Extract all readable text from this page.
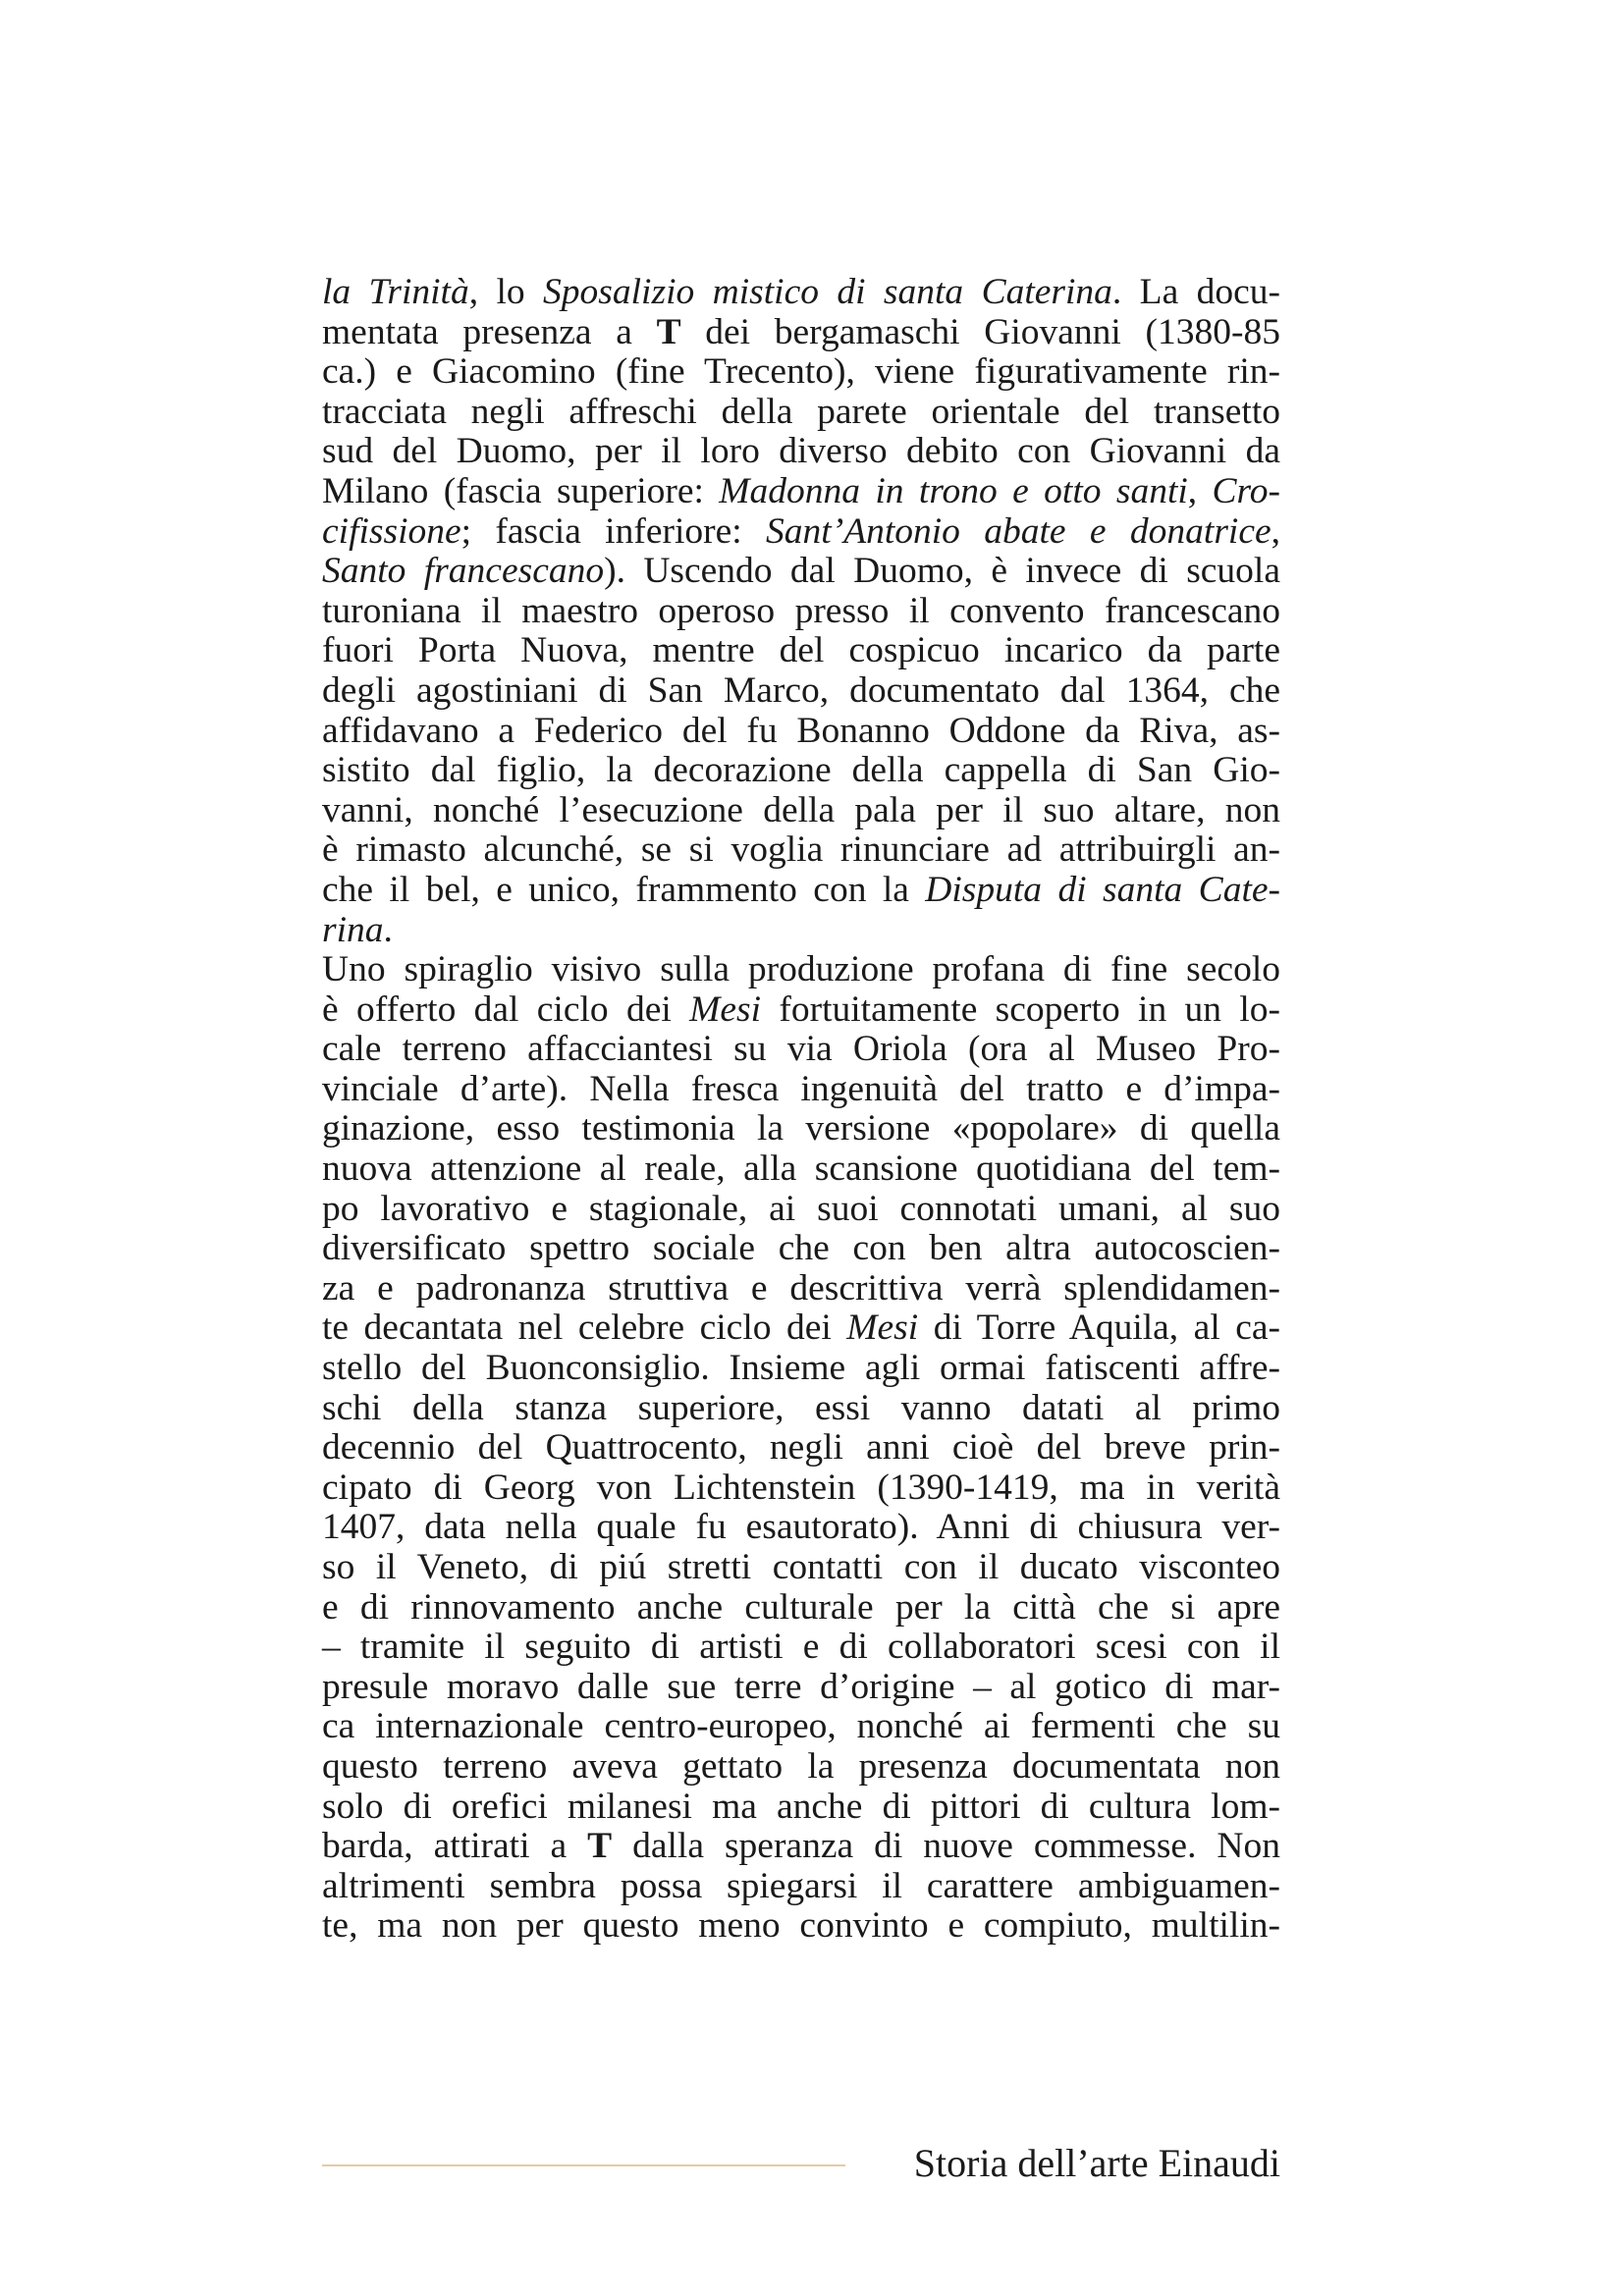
la Trinità, lo Sposalizio mistico di santa Caterina. La docu-
mentata presenza a T dei bergamaschi Giovanni (1380-85
ca.) e Giacomino (fine Trecento), viene figurativamente rin-
tracciata negli affreschi della parete orientale del transetto
sud del Duomo, per il loro diverso debito con Giovanni da
Milano (fascia superiore: Madonna in trono e otto santi, Cro-
cifissione; fascia inferiore: Sant’Antonio abate e donatrice,
Santo francescano). Uscendo dal Duomo, è invece di scuola
turoniana il maestro operoso presso il convento francescano
fuori Porta Nuova, mentre del cospicuo incarico da parte
degli agostiniani di San Marco, documentato dal 1364, che
affidavano a Federico del fu Bonanno Oddone da Riva, as-
sistito dal figlio, la decorazione della cappella di San Gio-
vanni, nonché l’esecuzione della pala per il suo altare, non
è rimasto alcunché, se si voglia rinunciare ad attribuirgli an-
che il bel, e unico, frammento con la Disputa di santa Cate-
rina.
Uno spiraglio visivo sulla produzione profana di fine secolo
è offerto dal ciclo dei Mesi fortuitamente scoperto in un lo-
cale terreno affacciantesi su via Oriola (ora al Museo Pro-
vinciale d’arte). Nella fresca ingenuità del tratto e d’impa-
ginazione, esso testimonia la versione «popolare» di quella
nuova attenzione al reale, alla scansione quotidiana del tem-
po lavorativo e stagionale, ai suoi connotati umani, al suo
diversificato spettro sociale che con ben altra autocoscien-
za e padronanza struttiva e descrittiva verrà splendidamen-
te decantata nel celebre ciclo dei Mesi di Torre Aquila, al ca-
stello del Buonconsiglio. Insieme agli ormai fatiscenti affre-
schi della stanza superiore, essi vanno datati al primo
decennio del Quattrocento, negli anni cioè del breve prin-
cipato di Georg von Lichtenstein (1390-1419, ma in verità
1407, data nella quale fu esautorato). Anni di chiusura ver-
so il Veneto, di piú stretti contatti con il ducato visconteo
e di rinnovamento anche culturale per la città che si apre
– tramite il seguito di artisti e di collaboratori scesi con il
presule moravo dalle sue terre d’origine – al gotico di mar-
ca internazionale centro-europeo, nonché ai fermenti che su
questo terreno aveva gettato la presenza documentata non
solo di orefici milanesi ma anche di pittori di cultura lom-
barda, attirati a T dalla speranza di nuove commesse. Non
altrimenti sembra possa spiegarsi il carattere ambiguamen-
te, ma non per questo meno convinto e compiuto, multilin-
Storia dell’arte Einaudi
